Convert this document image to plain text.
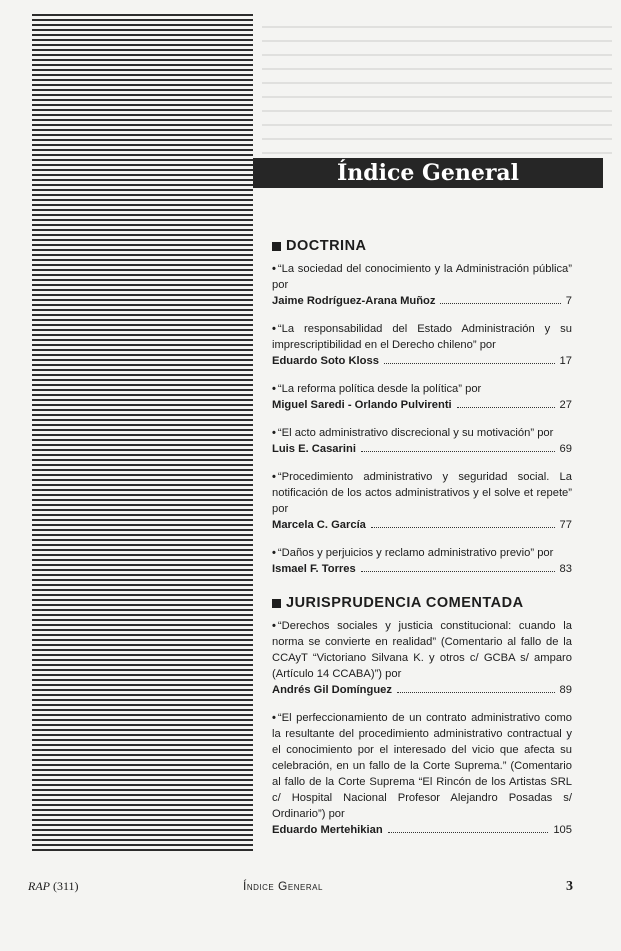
Índice General
DOCTRINA
• “La sociedad del conocimiento y la Administración pública” por
Jaime Rodríguez-Arana Muñoz	7
• “La responsabilidad del Estado Administración y su imprescriptibilidad en el Derecho chileno” por
Eduardo Soto Kloss	17
• “La reforma política desde la política” por
Miguel Saredi - Orlando Pulvirenti	27
• “El acto administrativo discrecional y su motivación” por
Luis E. Casarini	69
• “Procedimiento administrativo y seguridad social. La notificación de los actos administrativos y el solve et repete” por
Marcela C. García	77
• “Daños y perjuicios y reclamo administrativo previo” por
Ismael F. Torres	83
JURISPRUDENCIA COMENTADA
• “Derechos sociales y justicia constitucional: cuando la norma se convierte en realidad” (Comentario al fallo de la CCAyT “Victoriano Silvana K. y otros c/ GCBA s/ amparo (Artículo 14 CCABA)”) por
Andrés Gil Domínguez	89
• “El perfeccionamiento de un contrato administrativo como la resultante del procedimiento administrativo contractual y el conocimiento por el interesado del vicio que afecta su celebración, en un fallo de la Corte Suprema.” (Comentario al fallo de la Corte Suprema “El Rincón de los Artistas SRL c/ Hospital Nacional Profesor Alejandro Posadas s/ Ordinario”) por
Eduardo Mertehikian	105
RAP (311)	Índice General	3
